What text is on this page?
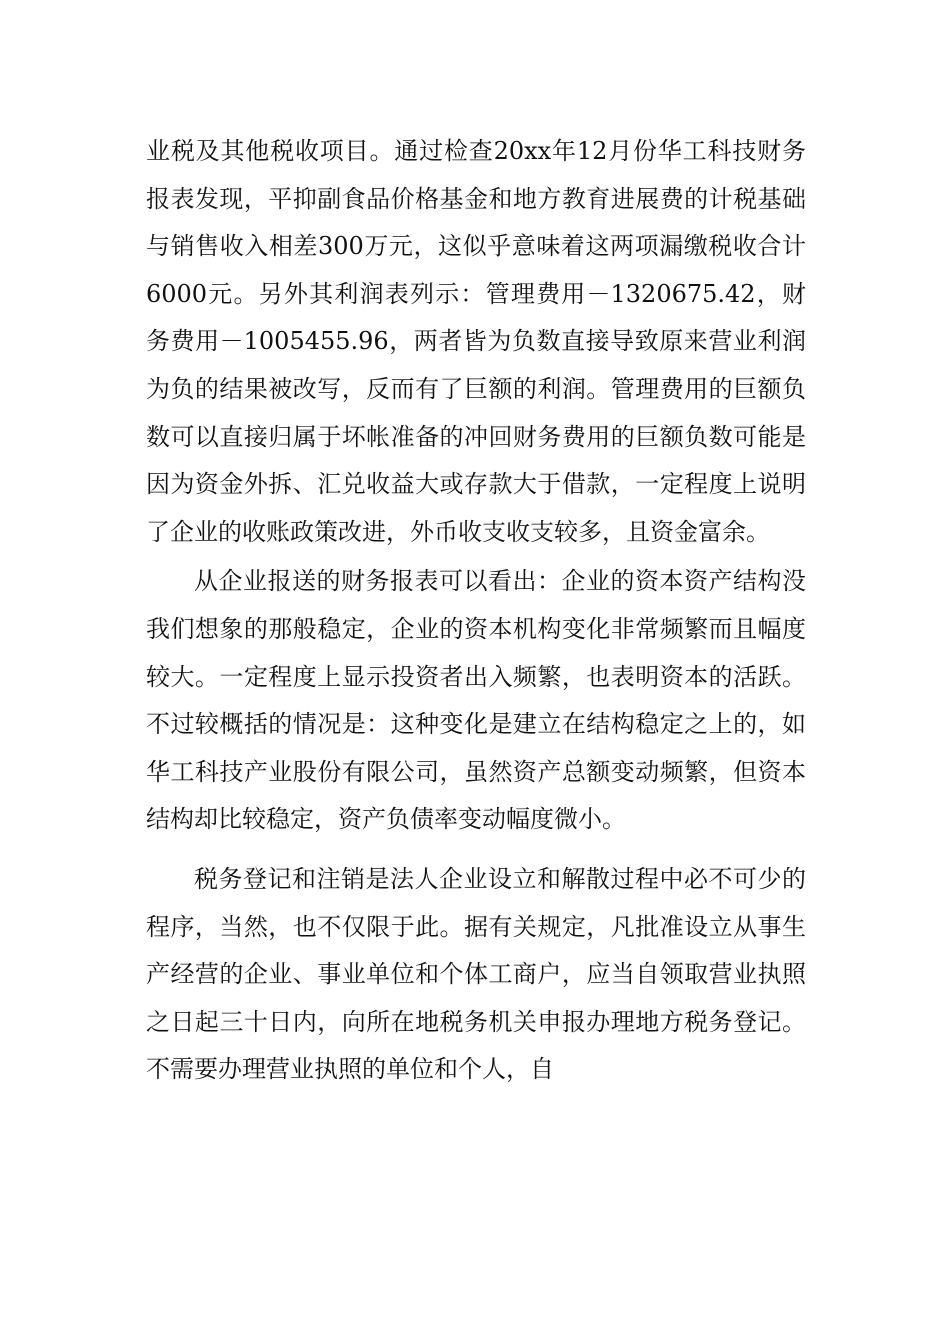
业税及其他税收项目。通过检查20xx年12月份华工科技财务报表发现，平抑副食品价格基金和地方教育进展费的计税基础与销售收入相差300万元，这似乎意味着这两项漏缴税收合计6000元。另外其利润表列示：管理费用－1320675.42，财务费用－1005455.96，两者皆为负数直接导致原来营业利润为负的结果被改写，反而有了巨额的利润。管理费用的巨额负数可以直接归属于坏帐准备的冲回财务费用的巨额负数可能是因为资金外拆、汇兑收益大或存款大于借款，一定程度上说明了企业的收账政策改进，外币收支收支较多，且资金富余。

从企业报送的财务报表可以看出：企业的资本资产结构没我们想象的那般稳定，企业的资本机构变化非常频繁而且幅度较大。一定程度上显示投资者出入频繁，也表明资本的活跃。不过较概括的情况是：这种变化是建立在结构稳定之上的，如华工科技产业股份有限公司，虽然资产总额变动频繁，但资本结构却比较稳定，资产负债率变动幅度微小。

税务登记和注销是法人企业设立和解散过程中必不可少的程序，当然，也不仅限于此。据有关规定，凡批准设立从事生产经营的企业、事业单位和个体工商户，应当自领取营业执照之日起三十日内，向所在地税务机关申报办理地方税务登记。不需要办理营业执照的单位和个人，自
